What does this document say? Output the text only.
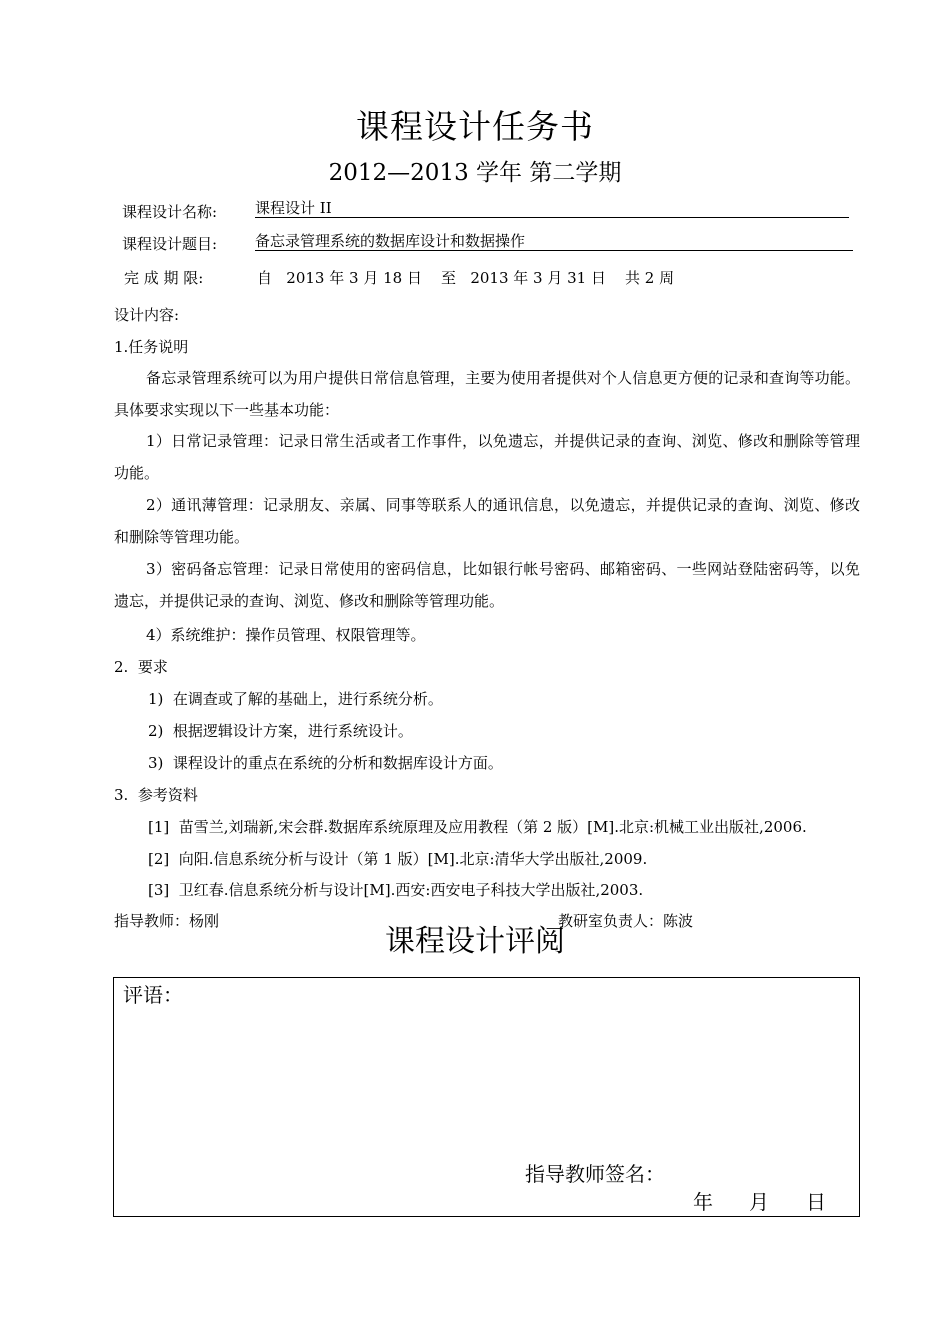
课程设计任务书
2012—2013 学年 第二学期
课程设计名称:	课程设计 II
课程设计题目:	备忘录管理系统的数据库设计和数据操作
完 成 期 限:	自   2013 年 3 月 18 日    至   2013 年 3 月 31 日    共 2 周
设计内容:
1.任务说明
备忘录管理系统可以为用户提供日常信息管理，主要为使用者提供对个人信息更方便的记录和查询等功能。具体要求实现以下一些基本功能：
1）日常记录管理：记录日常生活或者工作事件，以免遗忘，并提供记录的查询、浏览、修改和删除等管理功能。
2）通讯薄管理：记录朋友、亲属、同事等联系人的通讯信息，以免遗忘，并提供记录的查询、浏览、修改和删除等管理功能。
3）密码备忘管理：记录日常使用的密码信息，比如银行帐号密码、邮箱密码、一些网站登陆密码等，以免遗忘，并提供记录的查询、浏览、修改和删除等管理功能。
4）系统维护：操作员管理、权限管理等。
2.  要求
1)  在调查或了解的基础上，进行系统分析。
2)  根据逻辑设计方案，进行系统设计。
3)  课程设计的重点在系统的分析和数据库设计方面。
3.  参考资料
[1]  苗雪兰,刘瑞新,宋会群.数据库系统原理及应用教程（第 2 版）[M].北京:机械工业出版社,2006.
[2]  向阳.信息系统分析与设计（第 1 版）[M].北京:清华大学出版社,2009.
[3]  卫红春.信息系统分析与设计[M].西安:西安电子科技大学出版社,2003.
指导教师：杨刚	教研室负责人：陈波
课程设计评阅
评语：
指导教师签名：
年 月 日
